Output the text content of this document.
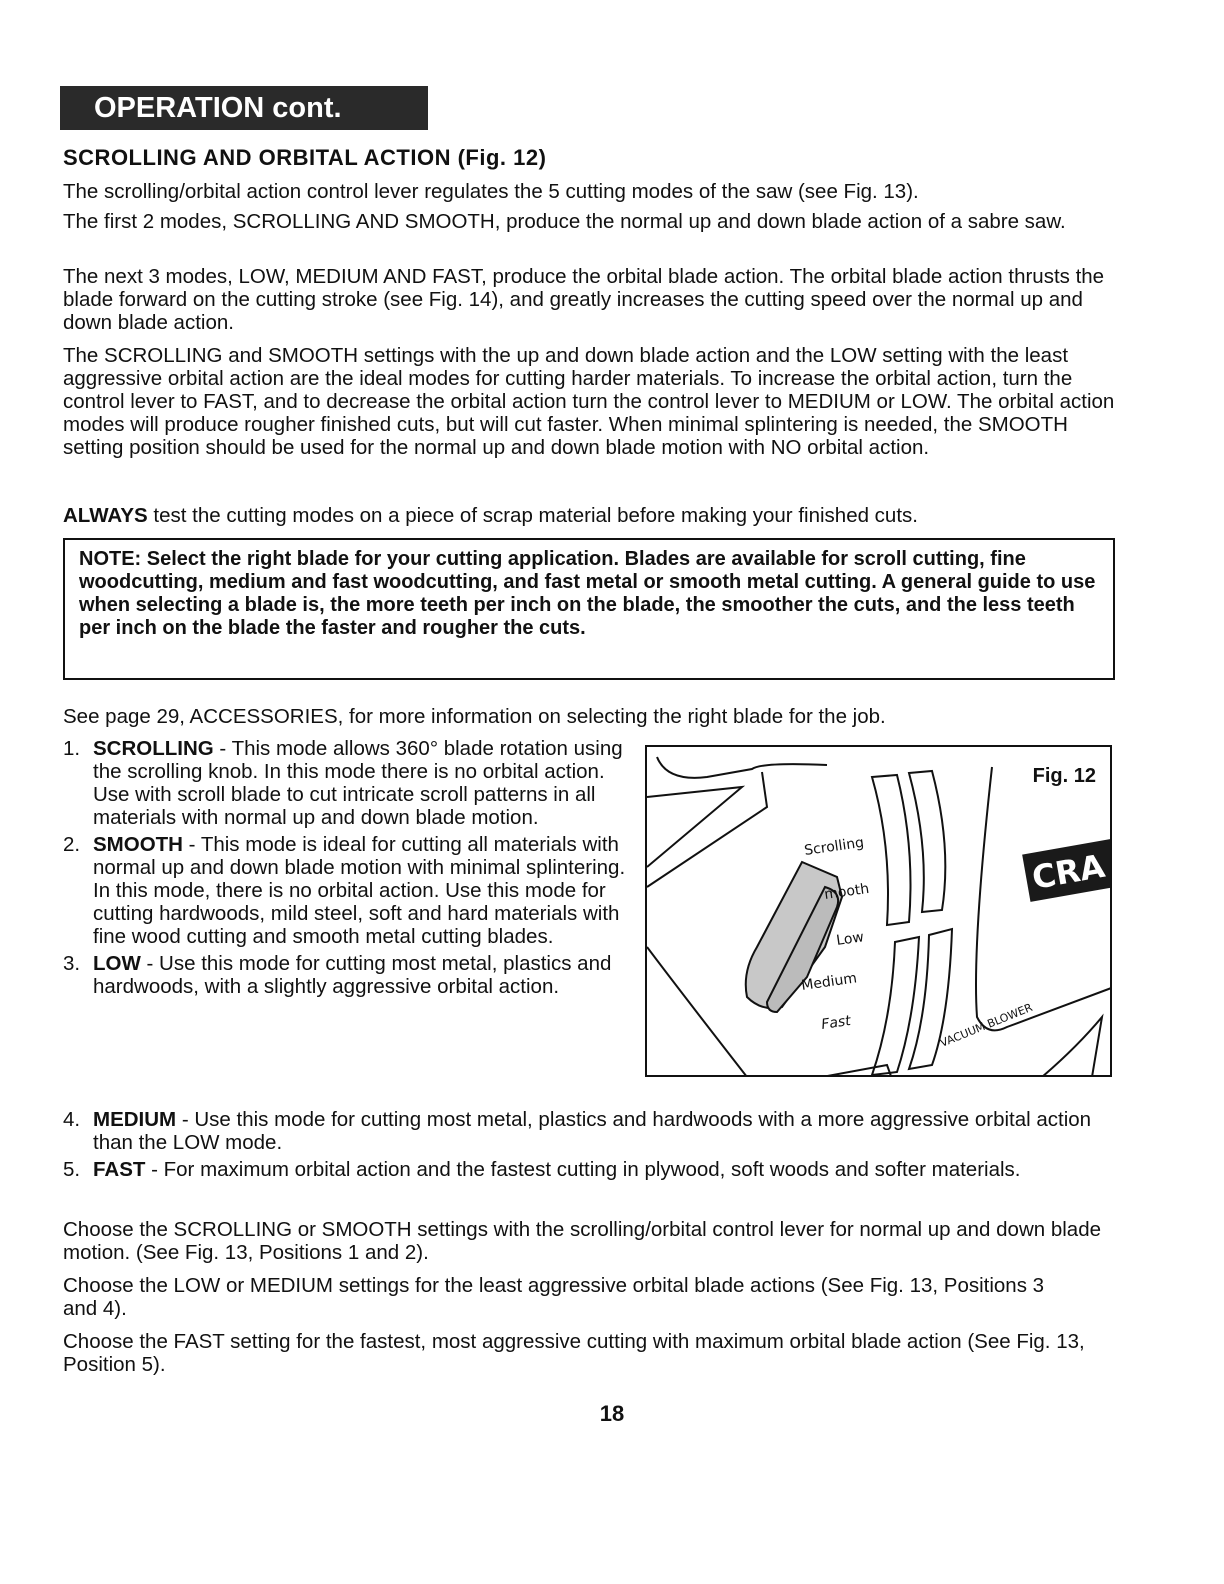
OPERATION cont.
SCROLLING AND ORBITAL ACTION (Fig. 12)

The scrolling/orbital action control lever regulates the 5 cutting modes of the saw (see Fig. 13).

The first 2 modes, SCROLLING AND SMOOTH, produce the normal up and down blade action of a sabre saw.

The next 3 modes, LOW, MEDIUM AND FAST, produce the orbital blade action. The orbital blade action thrusts the blade forward on the cutting stroke (see Fig. 14), and greatly increases the cutting speed over the normal up and down blade action.

The SCROLLING and SMOOTH settings with the up and down blade action and the LOW setting with the least aggressive orbital action are the ideal modes for cutting harder materials. To increase the orbital action, turn the control lever to FAST, and to decrease the orbital action turn the control lever to MEDIUM or LOW. The orbital action modes will produce rougher finished cuts, but will cut faster. When minimal splintering is needed, the SMOOTH setting position should be used for the normal up and down blade motion with NO orbital action.

ALWAYS test the cutting modes on a piece of scrap material before making your finished cuts.

NOTE: Select the right blade for your cutting application. Blades are available for scroll cutting, fine woodcutting, medium and fast woodcutting, and fast metal or smooth metal cutting. A general guide to use when selecting a blade is, the more teeth per inch on the blade, the smoother the cuts, and the less teeth per inch on the blade the faster and rougher the cuts.

See page 29, ACCESSORIES, for more information on selecting the right blade for the job.

1. SCROLLING - This mode allows 360° blade rotation using the scrolling knob. In this mode there is no orbital action. Use with scroll blade to cut intricate scroll patterns in all materials with normal up and down blade motion.
2. SMOOTH - This mode is ideal for cutting all materials with normal up and down blade motion with minimal splintering. In this mode, there is no orbital action. Use this mode for cutting hardwoods, mild steel, soft and hard materials with fine wood cutting and smooth metal cutting blades.
3. LOW - Use this mode for cutting most metal, plastics and hardwoods, with a slightly aggressive orbital action.
4. MEDIUM - Use this mode for cutting most metal, plastics and hardwoods with a more aggressive orbital action than the LOW mode.
5. FAST - For maximum orbital action and the fastest cutting in plywood, soft woods and softer materials.
Scrolling
mooth
Low
Medium
Fast	VACUUM BLOWER
CRA
Fig. 12

Choose the SCROLLING or SMOOTH settings with the scrolling/orbital control lever for normal up and down blade motion. (See Fig. 13, Positions 1 and 2).

Choose the LOW or MEDIUM settings for the least aggressive orbital blade actions (See Fig. 13, Positions 3 and 4).

Choose the FAST setting for the fastest, most aggressive cutting with maximum orbital blade action (See Fig. 13, Position 5).

18
